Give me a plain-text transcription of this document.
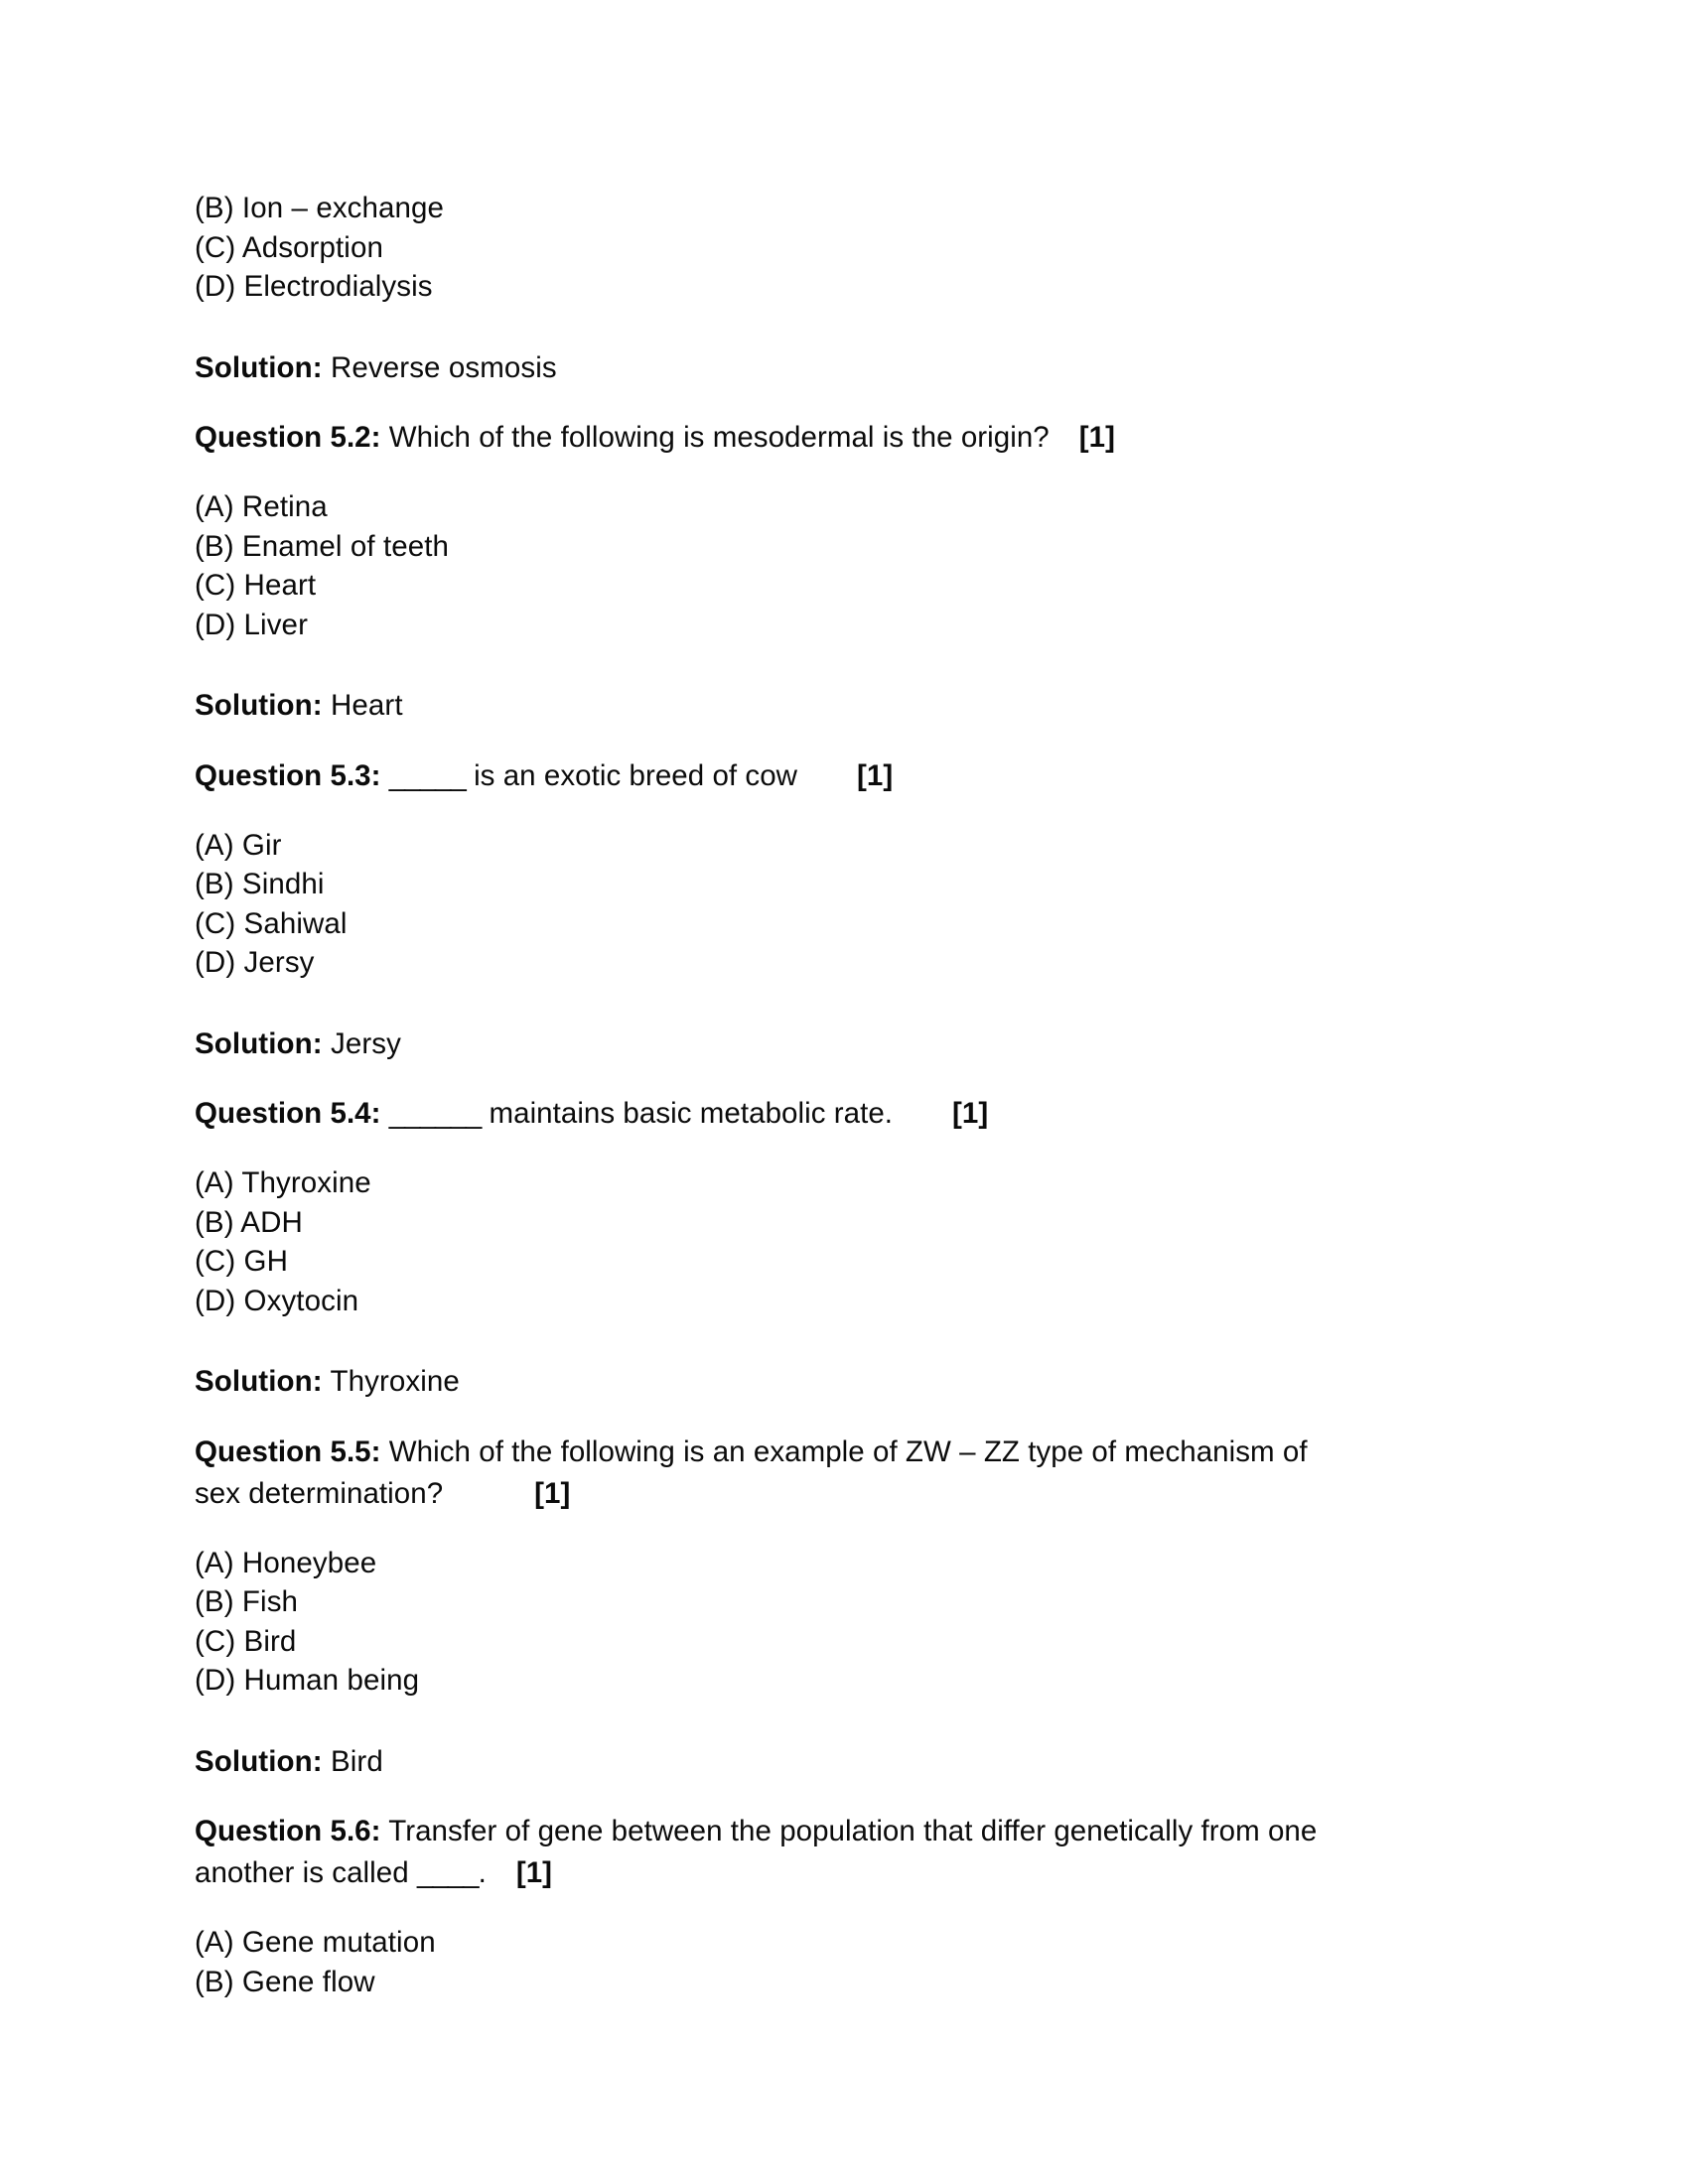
(B) Ion – exchange
(C) Adsorption
(D) Electrodialysis
Solution: Reverse osmosis
Question 5.2: Which of the following is mesodermal is the origin? [1]
(A) Retina
(B) Enamel of teeth
(C) Heart
(D) Liver
Solution: Heart
Question 5.3: _____ is an exotic breed of cow [1]
(A) Gir
(B) Sindhi
(C) Sahiwal
(D) Jersy
Solution: Jersy
Question 5.4: ______ maintains basic metabolic rate. [1]
(A) Thyroxine
(B) ADH
(C) GH
(D) Oxytocin
Solution: Thyroxine
Question 5.5: Which of the following is an example of ZW – ZZ type of mechanism of
sex determination?	[1]
(A) Honeybee
(B) Fish
(C) Bird
(D) Human being
Solution: Bird
Question 5.6: Transfer of gene between the population that differ genetically from one
another is called ____. [1]
(A) Gene mutation
(B) Gene flow
